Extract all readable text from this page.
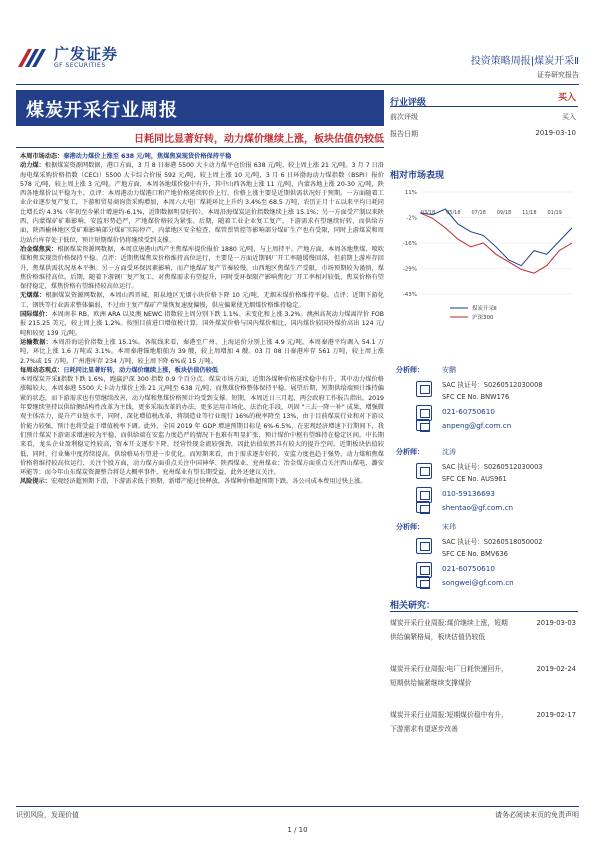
广发证券
GF SECURITIES	投资策略周报|煤炭开采Ⅱ
证券研究报告
煤炭开采行业周报
日耗同比显著好转，动力煤价继续上涨，板块估值仍较低

本周市场动态：秦港动力煤价上涨至 638 元/吨，焦煤焦炭现货价格保持平稳

动力煤：根据煤炭资源网数据，港口方面，3 月 8 日秦港 5500 大卡动力煤平仓价报 638 元/吨，较上周上涨 21 元/吨。3 月 7 日沿海电煤采购价格指数（CECI）5500 大卡综合价报 592 元/吨，较上周上涨 10 元/吨，3 月 6 日环渤海动力煤指数（BSPI）报价 578 元/吨，较上周上涨 3 元/吨。产地方面，本周各地煤价稳中有升，其中山西各地上涨 11 元/吨，内蒙各地上涨 20-30 元/吨，陕西各地煤价以平稳为主。点评：本周港动力煤港口和产地价格延续转价上行，价格上涨主要是近期供需状况好于预期。一方面随着工业企业逐步复产复工，下游和贸易商询货采购增加，本周六大电厂煤耗环比上升约 3.4%至 68.5 万吨，农历正月十五以来平均日耗同比增长约 4.3%（年初至今累计增速约-6.1%，近期数据明显好转）。本周沿海煤炭运价指数继续上涨 15.1%；另一方面受产制以来陕西、内蒙煤矿矿难影响，安监形势趋严，产地煤价格较为紧张。后期，随着工业企业复工复产，下游需求有望继续好转，而供给方面，陕西榆林地区受矿难影响部分煤矿实际停产，内蒙地区安全检查，煤管票管控等影响部分煤矿生产也有受限，同时上游煤炭和周边站台库存处于低位，预计短期煤价仍将继续受到支撑。

冶金煤焦炭：根据煤炭资源网数据，本周京唐港山西产主焦煤库提价报价 1880 元/吨，与上周持平。产地方面，本周各地焦煤、喷吹煤和焦炭现货价格保持平稳。点评：近期焦煤焦炭价格维持高位运行，主要是一方面近期钢厂开工率随缓慢回落，但前期上游库存回升，焦煤供需状况基本平衡。另一方面受环保因素影响，而产地煤矿复产节奏较慢，山西地区焦煤生产受限，市场预期较为谨慎，煤焦价格维持高位。后期，随着下游钢厂复产复工，对焦煤需求有望提升，同时受环保限产影响焦化厂开工率相对较低，焦炭价格有望保持稳定，煤焦价格有望维持较高位运行。

无烟煤：根据煤炭资源网数据，本周山西晋城、阳泉地区无烟小块价格下降 10 元/吨，无烟末煤价格维持平稳。点评：近期下游化工、钢铁等行业需求整体偏弱，不过由于复产煤矿产量恢复速度偏慢，供应偏紧使无烟煤价格维持稳定。

国际煤价：本周南非 RB、欧洲 ARA 以及澳 NEWC 指数较上周分别下跌 1.1%、未变化和上涨 3.2%。澳洲高灰动力煤离岸价 FOB 报 215.25 美元，较上周上涨 1.2%。按照目前进口增值税计算，国外煤炭价格与国内煤价相比，国内煤价较国外煤价高出 124 元/吨和较宽 139 元/吨。

运输数据：本周沿海运价指数上涨 15.1%。各航线来看，秦港至广州、上海运价分别上涨 4.9 元/吨，本周秦港平均调入 54.1 万吨，环比上涨 1.6 万吨或 3.1%。本周秦港锚地船舶为 39 艘，较上周增加 4 艘。03 月 08 日秦港库存 561 万吨，较上周上涨 2.7%或 15 万吨，广州港库存 234 万吨，较上周下降 6%或 15 万吨。

每周动态观点：日耗同比显著好转，动力煤价继续上涨，板块估值仍较低

本周煤炭开采Ⅱ指数下跌 1.6%，跑赢沪深 300 指数 0.9 个百分点。煤炭市场方面，近期各煤种价格延续稳中有升，其中动力煤价格涨幅较大，本周秦港 5500 大卡动力煤价上涨 21 元/吨至 638 元/吨，而焦煤价格整体保持平稳。展望后期，短期供给端预计维持偏紧的状态，而下游需求也有望继续改善，动力煤和焦煤价格预计均受到支撑。短期，本周近日三月起，两会政府工作报告指出，2019 年要继续坚持以供给侧结构性改革为主线，更多采取改革的办法，更多运用市场化、法治化手段，巩固 "三去一降一补" 成果，增强微观主体活力，提升产业链水平，同时，深化增值税改革，将制造业等行业现行 16%的税率降至 13%，由于目前煤炭行业和对下游议价能力较强，预计也将受益于增值税率下调。此外，全国 2019 年 GDP 增速预期目标是 6%-6.5%，在宏观经济增速下行期间下，我们预计煤炭下游需求增速较为平稳，而供给端在安监力度趋严的情况下也难有明显扩张，预计煤价中枢有望维持在稳定区间。中长期来看，龙头企业盈利稳定性较高，资本开支逐步下降，经营性现金流较强劲，因此估值依然具有较大的提升空间。近期板块估值较低，同时，行业集中度持续提高，供给格局有望进一步优化。而短期来看，由于需求逐步好转，安监力度也趋于强势，动力煤和焦煤价格将维持较高位运行，关注个股方面，动力煤方面重点关注中国神华、陕西煤业、兖州煤业；冶金煤方面重点关注西山煤电、潞安环能等；而今年山东煤炭资源整合将是大概率事件，兖州煤业有望长期受益，此外还建议关注。

风险提示：宏观经济超预期下滑，下游需求低于预期，新增产能过快释放，各煤种价格超预期下跌，各公司成本费用过快上涨。

行业评级	买入
前次评级	买入
报告日期	2019-03-10
相对市场表现
11%
-2%
-16%
-29%
-43%
03/18 05/18 07/18 09/18 11/18 01/19
煤炭开采Ⅱ
沪深300
分析师：	安鹏
SAC 执证号：S0260512030008
SFC CE No. BNW176
021-60750610
anpeng@gf.com.cn
分析师：	沈涛
SAC 执证号：S0260512030003
SFC CE No. AUS961
010-59136693
shentao@gf.com.cn
分析师：	宋玮
SAC 执证号：S0260518050002
SFC CE No. BMV636
021-60750610
songwei@gf.com.cn
相关研究：
煤炭开采行业周报:煤价继续上涨，短期供给偏紧格局，板块估值仍较低
2019-03-03
煤炭开采行业周报:电厂日耗快速回升，短期供给偏紧继续支撑煤价
2019-02-24
煤炭开采行业周报:短期煤价稳中有升，下游需求有望逐步改善
2019-02-17
识别风险，发现价值	请务必阅读末页的免责声明
1 / 10
